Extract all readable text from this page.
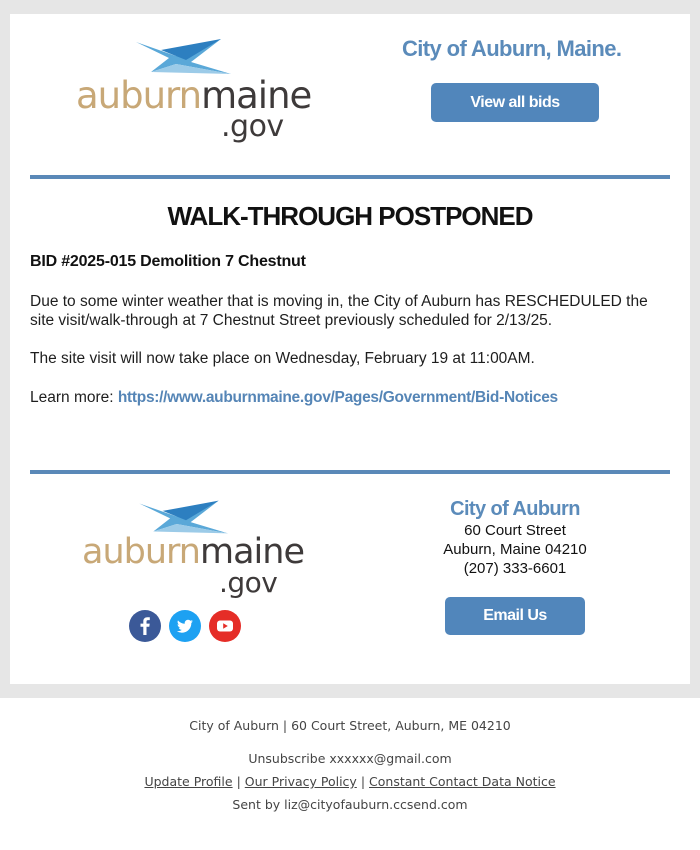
auburnmaine
.gov
City of Auburn, Maine.
View all bids
WALK-THROUGH POSTPONED
BID #2025-015 Demolition 7 Chestnut
Due to some winter weather that is moving in, the City of Auburn has RESCHEDULED the site visit/walk-through at 7 Chestnut Street previously scheduled for 2/13/25.
The site visit will now take place on Wednesday, February 19 at 11:00AM.
Learn more: https://www.auburnmaine.gov/Pages/Government/Bid-Notices
auburnmaine
.gov
City of Auburn
60 Court Street
Auburn, Maine 04210
(207) 333-6601
Email Us
City of Auburn | 60 Court Street, Auburn, ME 04210
Unsubscribe xxxxxx@gmail.com
Update Profile | Our Privacy Policy | Constant Contact Data Notice
Sent by liz@cityofauburn.ccsend.com
